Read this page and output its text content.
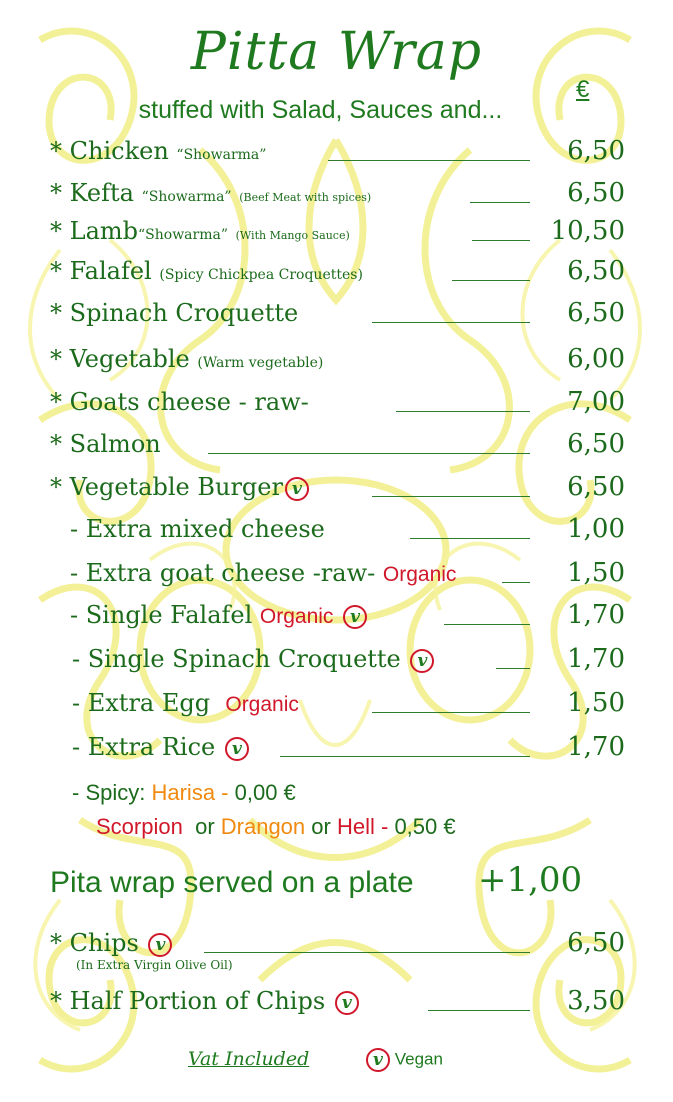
Pitta Wrap
stuffed with Salad, Sauces and...
€
* Chicken “Showarma”	6,50
* Kefta “Showarma” (Beef Meat with spices)	6,50
* Lamb“Showarma” (With Mango Sauce)	10,50
* Falafel (Spicy Chickpea Croquettes)	6,50
* Spinach Croquette	6,50
* Vegetable (Warm vegetable)	6,00
* Goats cheese - raw-	7,00
* Salmon	6,50
* Vegetable Burger v	6,50
- Extra mixed cheese	1,00
- Extra goat cheese -raw- Organic	1,50
- Single Falafel Organic v	1,70
- Single Spinach Croquette v	1,70
- Extra Egg Organic	1,50
- Extra Rice v	1,70
- Spicy: Harisa - 0,00 €
Scorpion or Drangon or Hell - 0,50 €
Pita wrap served on a plate +1,00
* Chips v	6,50
(In Extra Virgin Olive Oil)
* Half Portion of Chips v	3,50
Vat Included	v Vegan
